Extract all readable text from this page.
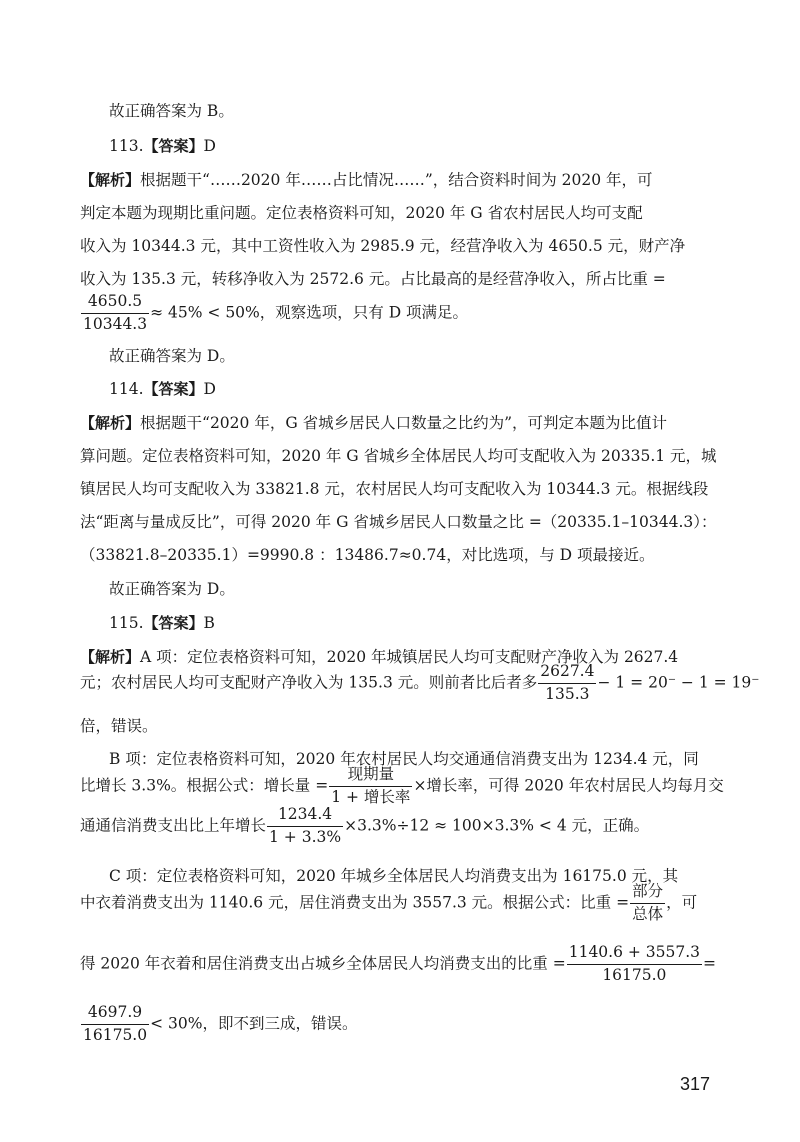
故正确答案为 B。
113.【答案】D
【解析】根据题干“……2020 年……占比情况……”，结合资料时间为 2020 年，可
判定本题为现期比重问题。定位表格资料可知，2020 年 G 省农村居民人均可支配
收入为 10344.3 元，其中工资性收入为 2985.9 元，经营净收入为 4650.5 元，财产净
收入为 135.3 元，转移净收入为 2572.6 元。占比最高的是经营净收入，所占比重 =
$\frac{4650.5}{10344.3} \approx 45\% < 50\%$，观察选项，只有 D 项满足。
故正确答案为 D。
114.【答案】D
【解析】根据题干“2020 年，G 省城乡居民人口数量之比约为”，可判定本题为比值计
算问题。定位表格资料可知，2020 年 G 省城乡全体居民人均可支配收入为 20335.1 元，城
镇居民人均可支配收入为 33821.8 元，农村居民人均可支配收入为 10344.3 元。根据线段
法“距离与量成反比”，可得 2020 年 G 省城乡居民人口数量之比 =（20335.1–10344.3）：
（33821.8–20335.1）=9990.8 ：13486.7≈0.74，对比选项，与 D 项最接近。
故正确答案为 D。
115.【答案】B
【解析】A 项：定位表格资料可知，2020 年城镇居民人均可支配财产净收入为 2627.4
元；农村居民人均可支配财产净收入为 135.3 元。则前者比后者多 $\frac{2627.4}{135.3} - 1 = 20^- - 1 = 19^-$
倍，错误。
B 项：定位表格资料可知，2020 年农村居民人均交通通信消费支出为 1234.4 元，同
比增长 3.3%。根据公式：增长量 = $\frac{\text{现期量}}{\text{1 + 增长率}}$ ×增长率，可得 2020 年农村居民人均每月交
通通信消费支出比上年增长 $\frac{1234.4}{1 + 3.3\%} \times 3.3\%\div 12 \approx 100\times 3.3\% < 4$ 元，正确。
C 项：定位表格资料可知，2020 年城乡全体居民人均消费支出为 16175.0 元，其
中衣着消费支出为 1140.6 元，居住消费支出为 3557.3 元。根据公式：比重 = $\frac{\text{部分}}{\text{总体}}$ ，可
得 2020 年衣着和居住消费支出占城乡全体居民人均消费支出的比重 = $\frac{1140.6 + 3557.3}{16175.0}$ =
$\frac{4697.9}{16175.0} < 30\%$，即不到三成，错误。
317
